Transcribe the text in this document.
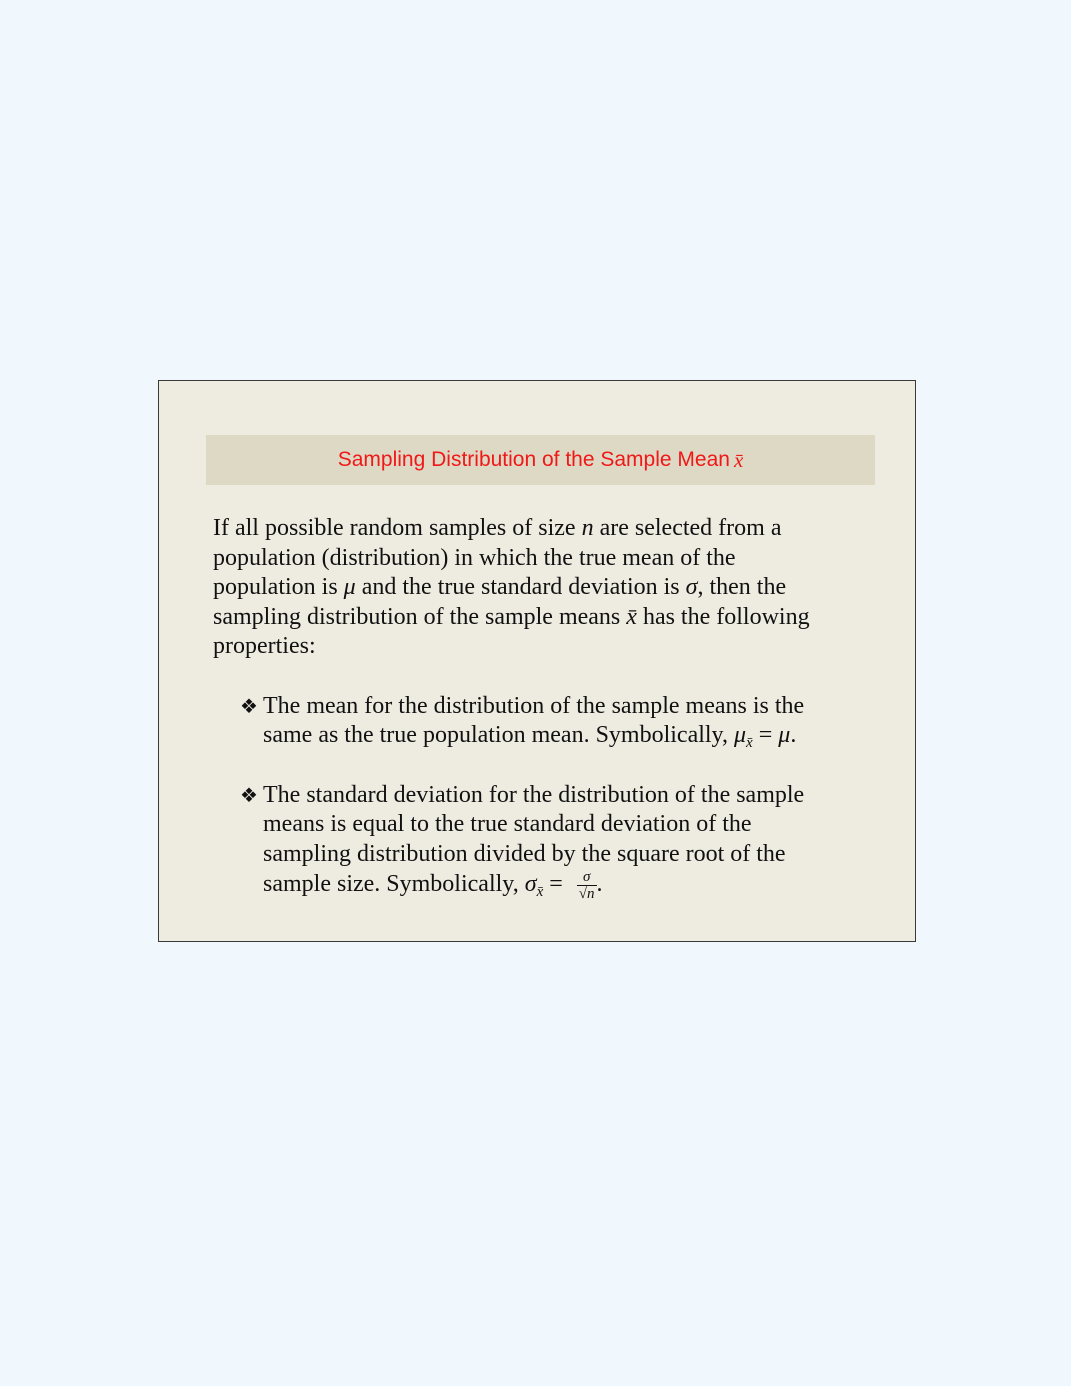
Sampling Distribution of the Sample Mean x̄

If all possible random samples of size n are selected from a
population (distribution) in which the true mean of the
population is μ and the true standard deviation is σ, then the
sampling distribution of the sample means x̄ has the following
properties:

❖ The mean for the distribution of the sample means is the
same as the true population mean. Symbolically, $\mu_{x̄} = \mu$.
❖ The standard deviation for the distribution of the sample
means is equal to the true standard deviation of the
sampling distribution divided by the square root of the
sample size. Symbolically, $\sigma_{x̄} = \frac{\sigma}{√n}$ .
